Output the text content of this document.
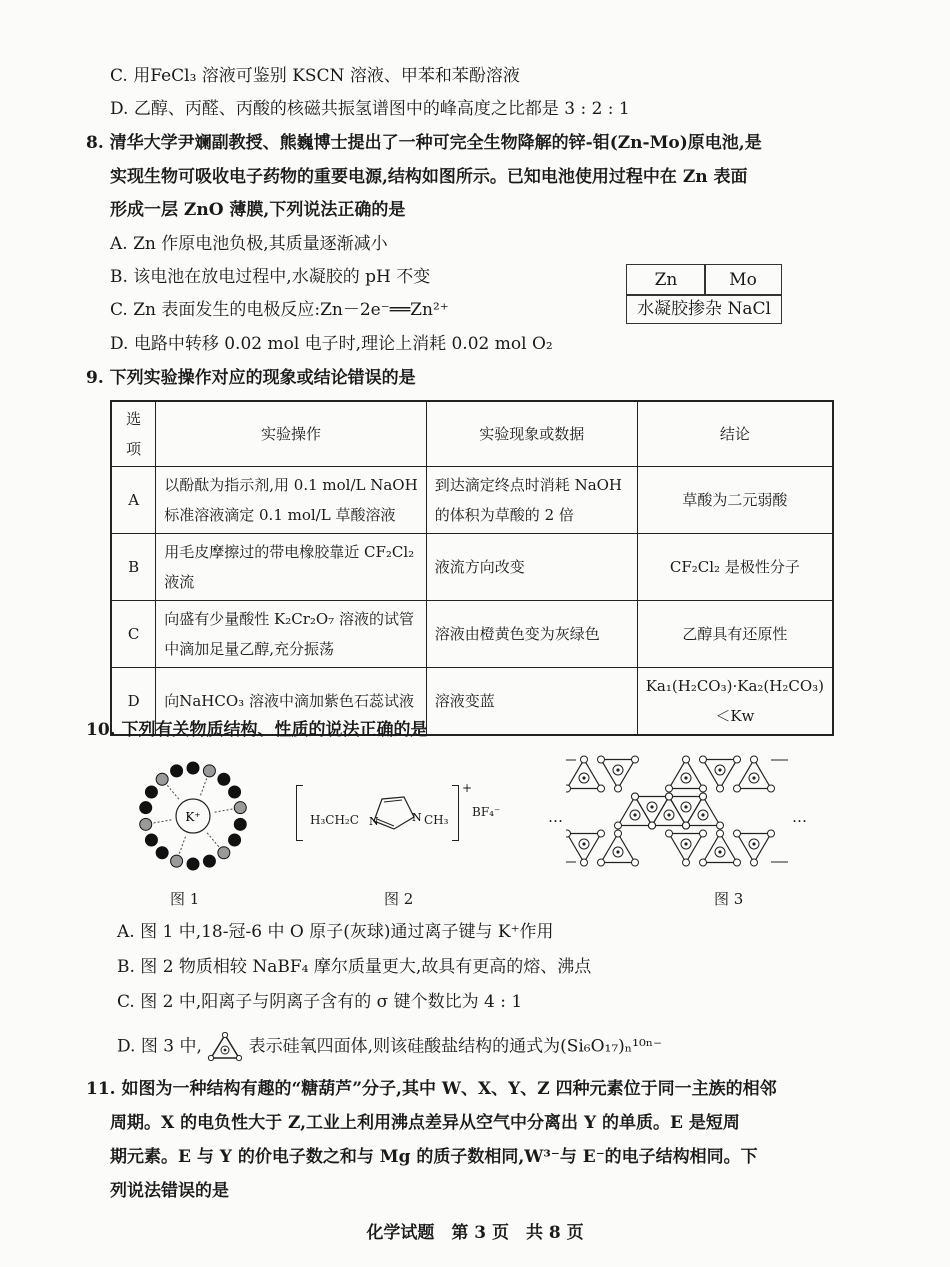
C. 用FeCl₃ 溶液可鉴别 KSCN 溶液、甲苯和苯酚溶液
D. 乙醇、丙醛、丙酸的核磁共振氢谱图中的峰高度之比都是 3 : 2 : 1
8. 清华大学尹斓副教授、熊巍博士提出了一种可完全生物降解的锌-钼(Zn-Mo)原电池,是
实现生物可吸收电子药物的重要电源,结构如图所示。已知电池使用过程中在 Zn 表面
形成一层 ZnO 薄膜,下列说法正确的是
A. Zn 作原电池负极,其质量逐渐减小
B. 该电池在放电过程中,水凝胶的 pH 不变
C. Zn 表面发生的电极反应:Zn－2e⁻══Zn²⁺
D. 电路中转移 0.02 mol 电子时,理论上消耗 0.02 mol O₂
Zn	Mo
水凝胶掺杂 NaCl
9. 下列实验操作对应的现象或结论错误的是
选项	实验操作	实验现象或数据	结论
A	以酚酞为指示剂,用 0.1 mol/L NaOH 标准溶液滴定 0.1 mol/L 草酸溶液	到达滴定终点时消耗 NaOH 的体积为草酸的 2 倍	草酸为二元弱酸
B	用毛皮摩擦过的带电橡胶靠近 CF₂Cl₂ 液流	液流方向改变	CF₂Cl₂ 是极性分子
C	向盛有少量酸性 K₂Cr₂O₇ 溶液的试管中滴加足量乙醇,充分振荡	溶液由橙黄色变为灰绿色	乙醇具有还原性
D	向NaHCO₃ 溶液中滴加紫色石蕊试液	溶液变蓝	Ka₁(H₂CO₃)·Ka₂(H₂CO₃)＜Kw
10. 下列有关物质结构、性质的说法正确的是
K⁺
图 1
H₃CH₂C N	N CH₃
+
BF₄⁻
图 2
…	…
图 3
A. 图 1 中,18-冠-6 中 O 原子(灰球)通过离子键与 K⁺作用
B. 图 2 物质相较 NaBF₄ 摩尔质量更大,故具有更高的熔、沸点
C. 图 2 中,阳离子与阴离子含有的 σ 键个数比为 4 : 1
D. 图 3 中,	表示硅氧四面体,则该硅酸盐结构的通式为(Si₆O₁₇)ₙ¹⁰ⁿ⁻
11. 如图为一种结构有趣的“糖葫芦”分子,其中 W、X、Y、Z 四种元素位于同一主族的相邻
周期。X 的电负性大于 Z,工业上利用沸点差异从空气中分离出 Y 的单质。E 是短周
期元素。E 与 Y 的价电子数之和与 Mg 的质子数相同,W³⁻与 E⁻的电子结构相同。下
列说法错误的是
化学试题　第 3 页　共 8 页
